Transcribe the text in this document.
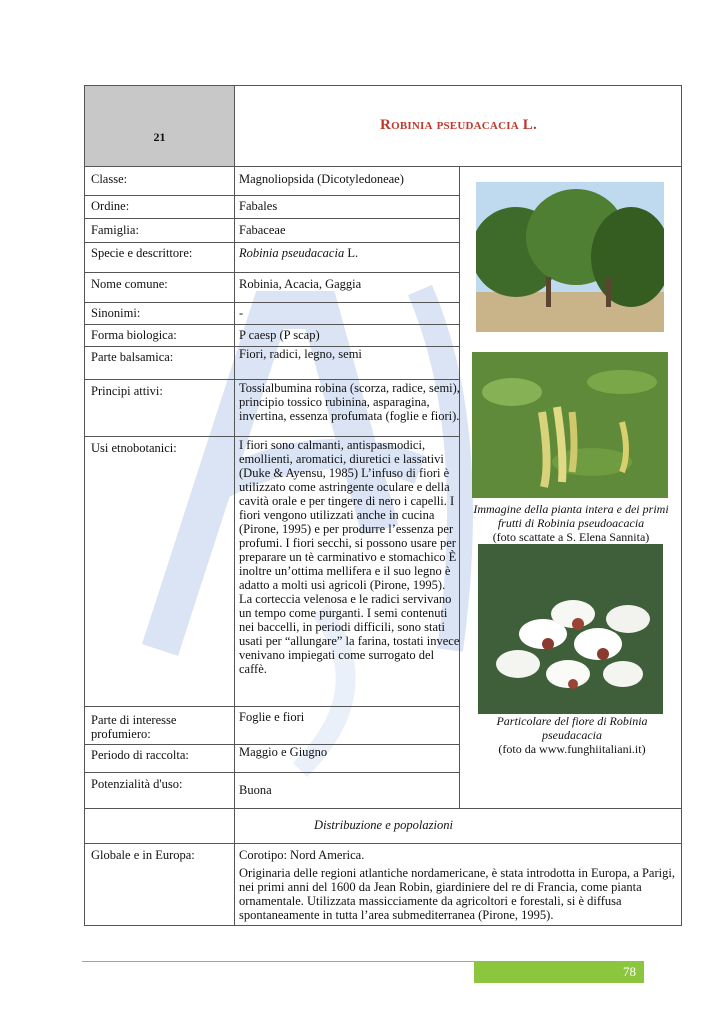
21
Robinia pseudacacia L.
Classe:
Ordine:
Famiglia:
Specie e descrittore:
Nome comune:
Sinonimi:
Forma biologica:
Parte balsamica:
Principi attivi:
Usi etnobotanici:
Parte di interesse profumiero:
Periodo di raccolta:
Potenzialità d'uso:
Magnoliopsida (Dicotyledoneae)
Fabales
Fabaceae
Robinia pseudacacia L.
Robinia, Acacia, Gaggia
-
P caesp (P scap)
Fiori, radici, legno, semi
Tossialbumina robina (scorza, radice, semi), principio tossico rubinina, asparagina, invertina, essenza profumata (foglie e fiori).
I fiori sono calmanti, antispasmodici, emollienti, aromatici, diuretici e lassativi (Duke & Ayensu, 1985) L’infuso di fiori è utilizzato come astringente oculare e della cavità orale e per tingere di nero i capelli. I fiori vengono utilizzati anche in cucina (Pirone, 1995) e per produrre l’essenza per profumi. I fiori secchi, si possono usare per preparare un tè carminativo e stomachico È inoltre un’ottima mellifera e il suo legno è adatto a molti usi agricoli (Pirone, 1995). La corteccia velenosa e le radici servivano un tempo come purganti. I semi contenuti nei baccelli, in periodi difficili, sono stati usati per “allungare” la farina, tostati invece venivano impiegati come surrogato del caffè.
Foglie e fiori
Maggio e Giugno
Buona
Immagine della pianta intera e dei primi frutti di Robinia pseudoacacia
(foto scattate a S. Elena Sannita)
Particolare del fiore di Robinia pseudacacia
(foto da www.funghiitaliani.it)
Distribuzione e popolazioni
Globale e in Europa:	Corotipo: Nord America.
Originaria delle regioni atlantiche nordamericane, è stata introdotta in Europa, a Parigi, nei primi anni del 1600 da Jean Robin, giardiniere del re di Francia, come pianta ornamentale. Utilizzata massicciamente da agricoltori e forestali, si è diffusa spontaneamente in tutta l’area submediterranea (Pirone, 1995).
78
